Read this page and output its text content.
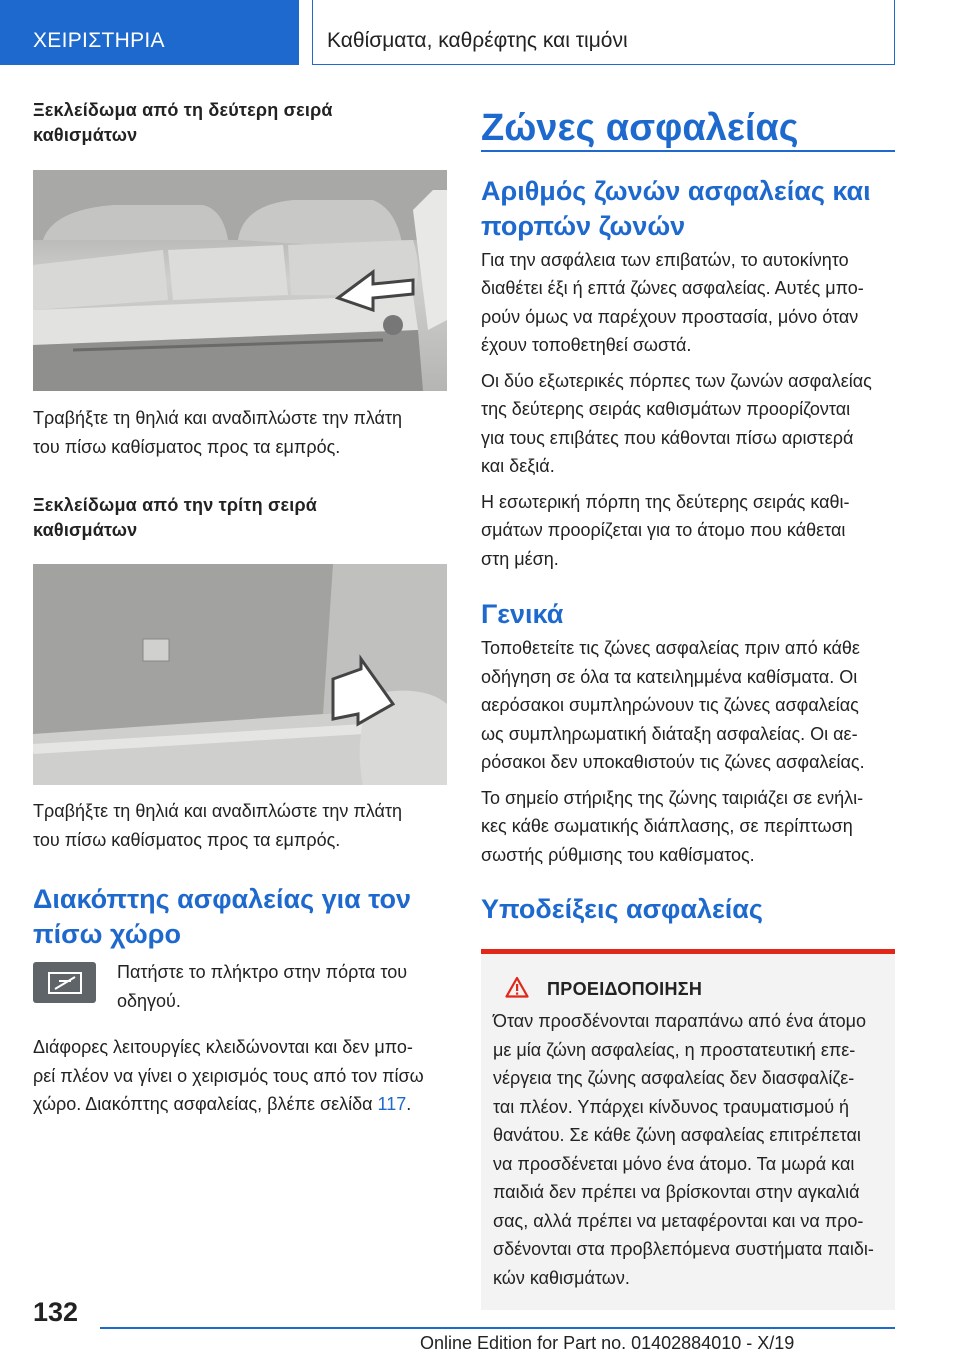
ΧΕΙΡΙΣΤΗΡΙΑ	Καθίσματα, καθρέφτης και τιμόνι
Ξεκλείδωμα από τη δεύτερη σειρά
καθισμάτων
Τραβήξτε τη θηλιά και αναδιπλώστε την πλάτη
του πίσω καθίσματος προς τα εμπρός.
Ξεκλείδωμα από την τρίτη σειρά
καθισμάτων
Τραβήξτε τη θηλιά και αναδιπλώστε την πλάτη
του πίσω καθίσματος προς τα εμπρός.
Διακόπτης ασφαλείας για τον
πίσω χώρο
Πατήστε το πλήκτρο στην πόρτα του
οδηγού.
Διάφορες λειτουργίες κλειδώνονται και δεν μπο-
ρεί πλέον να γίνει ο χειρισμός τους από τον πίσω
χώρο. Διακόπτης ασφαλείας, βλέπε σελίδα 117.
Ζώνες ασφαλείας
Αριθμός ζωνών ασφαλείας και
πορπών ζωνών
Για την ασφάλεια των επιβατών, το αυτοκίνητο
διαθέτει έξι ή επτά ζώνες ασφαλείας. Αυτές μπο-
ρούν όμως να παρέχουν προστασία, μόνο όταν
έχουν τοποθετηθεί σωστά.
Οι δύο εξωτερικές πόρπες των ζωνών ασφαλείας
της δεύτερης σειράς καθισμάτων προορίζονται
για τους επιβάτες που κάθονται πίσω αριστερά
και δεξιά.
Η εσωτερική πόρπη της δεύτερης σειράς καθι-
σμάτων προορίζεται για το άτομο που κάθεται
στη μέση.
Γενικά
Τοποθετείτε τις ζώνες ασφαλείας πριν από κάθε
οδήγηση σε όλα τα κατειλημμένα καθίσματα. Οι
αερόσακοι συμπληρώνουν τις ζώνες ασφαλείας
ως συμπληρωματική διάταξη ασφαλείας. Οι αε-
ρόσακοι δεν υποκαθιστούν τις ζώνες ασφαλείας.
Το σημείο στήριξης της ζώνης ταιριάζει σε ενήλι-
κες κάθε σωματικής διάπλασης, σε περίπτωση
σωστής ρύθμισης του καθίσματος.
Υποδείξεις ασφαλείας
ΠΡΟΕΙΔΟΠΟΙΗΣΗ
Όταν προσδένονται παραπάνω από ένα άτομο
με μία ζώνη ασφαλείας, η προστατευτική επε-
νέργεια της ζώνης ασφαλείας δεν διασφαλίζε-
ται πλέον. Υπάρχει κίνδυνος τραυματισμού ή
θανάτου. Σε κάθε ζώνη ασφαλείας επιτρέπεται
να προσδένεται μόνο ένα άτομο. Τα μωρά και
παιδιά δεν πρέπει να βρίσκονται στην αγκαλιά
σας, αλλά πρέπει να μεταφέρονται και να προ-
σδένονται στα προβλεπόμενα συστήματα παιδι-
κών καθισμάτων.
132
Online Edition for Part no. 01402884010 - X/19
